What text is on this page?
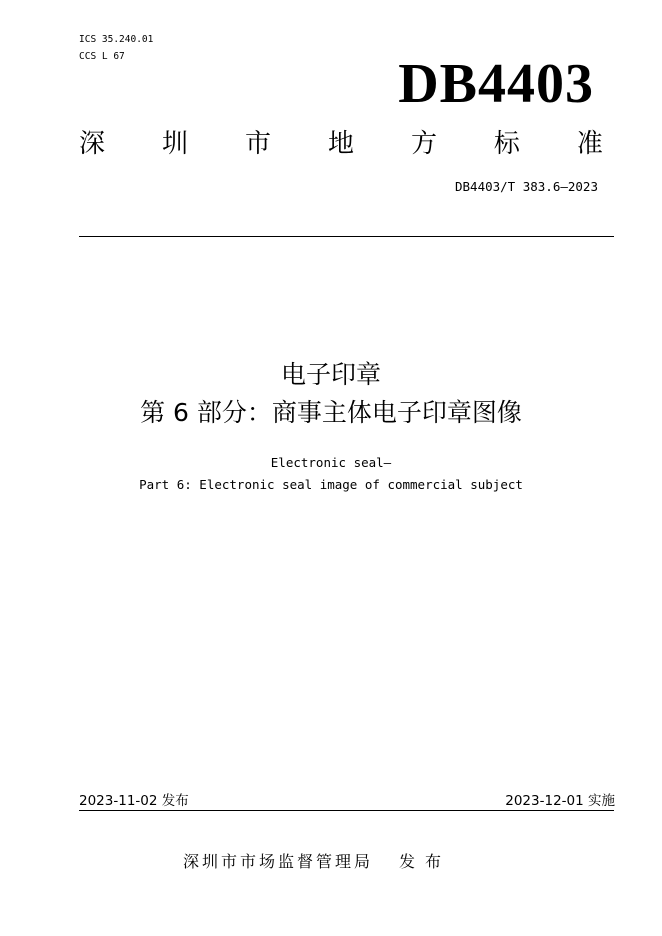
ICS 35.240.01
CCS L 67	DB4403
深 圳 市 地 方 标 准
DB4403/T 383.6—2023
电子印章
第 6 部分：商事主体电子印章图像
Electronic seal—
Part 6: Electronic seal image of commercial subject
2023-11-02 发布	2023-12-01 实施
深圳市市场监督管理局 发布
